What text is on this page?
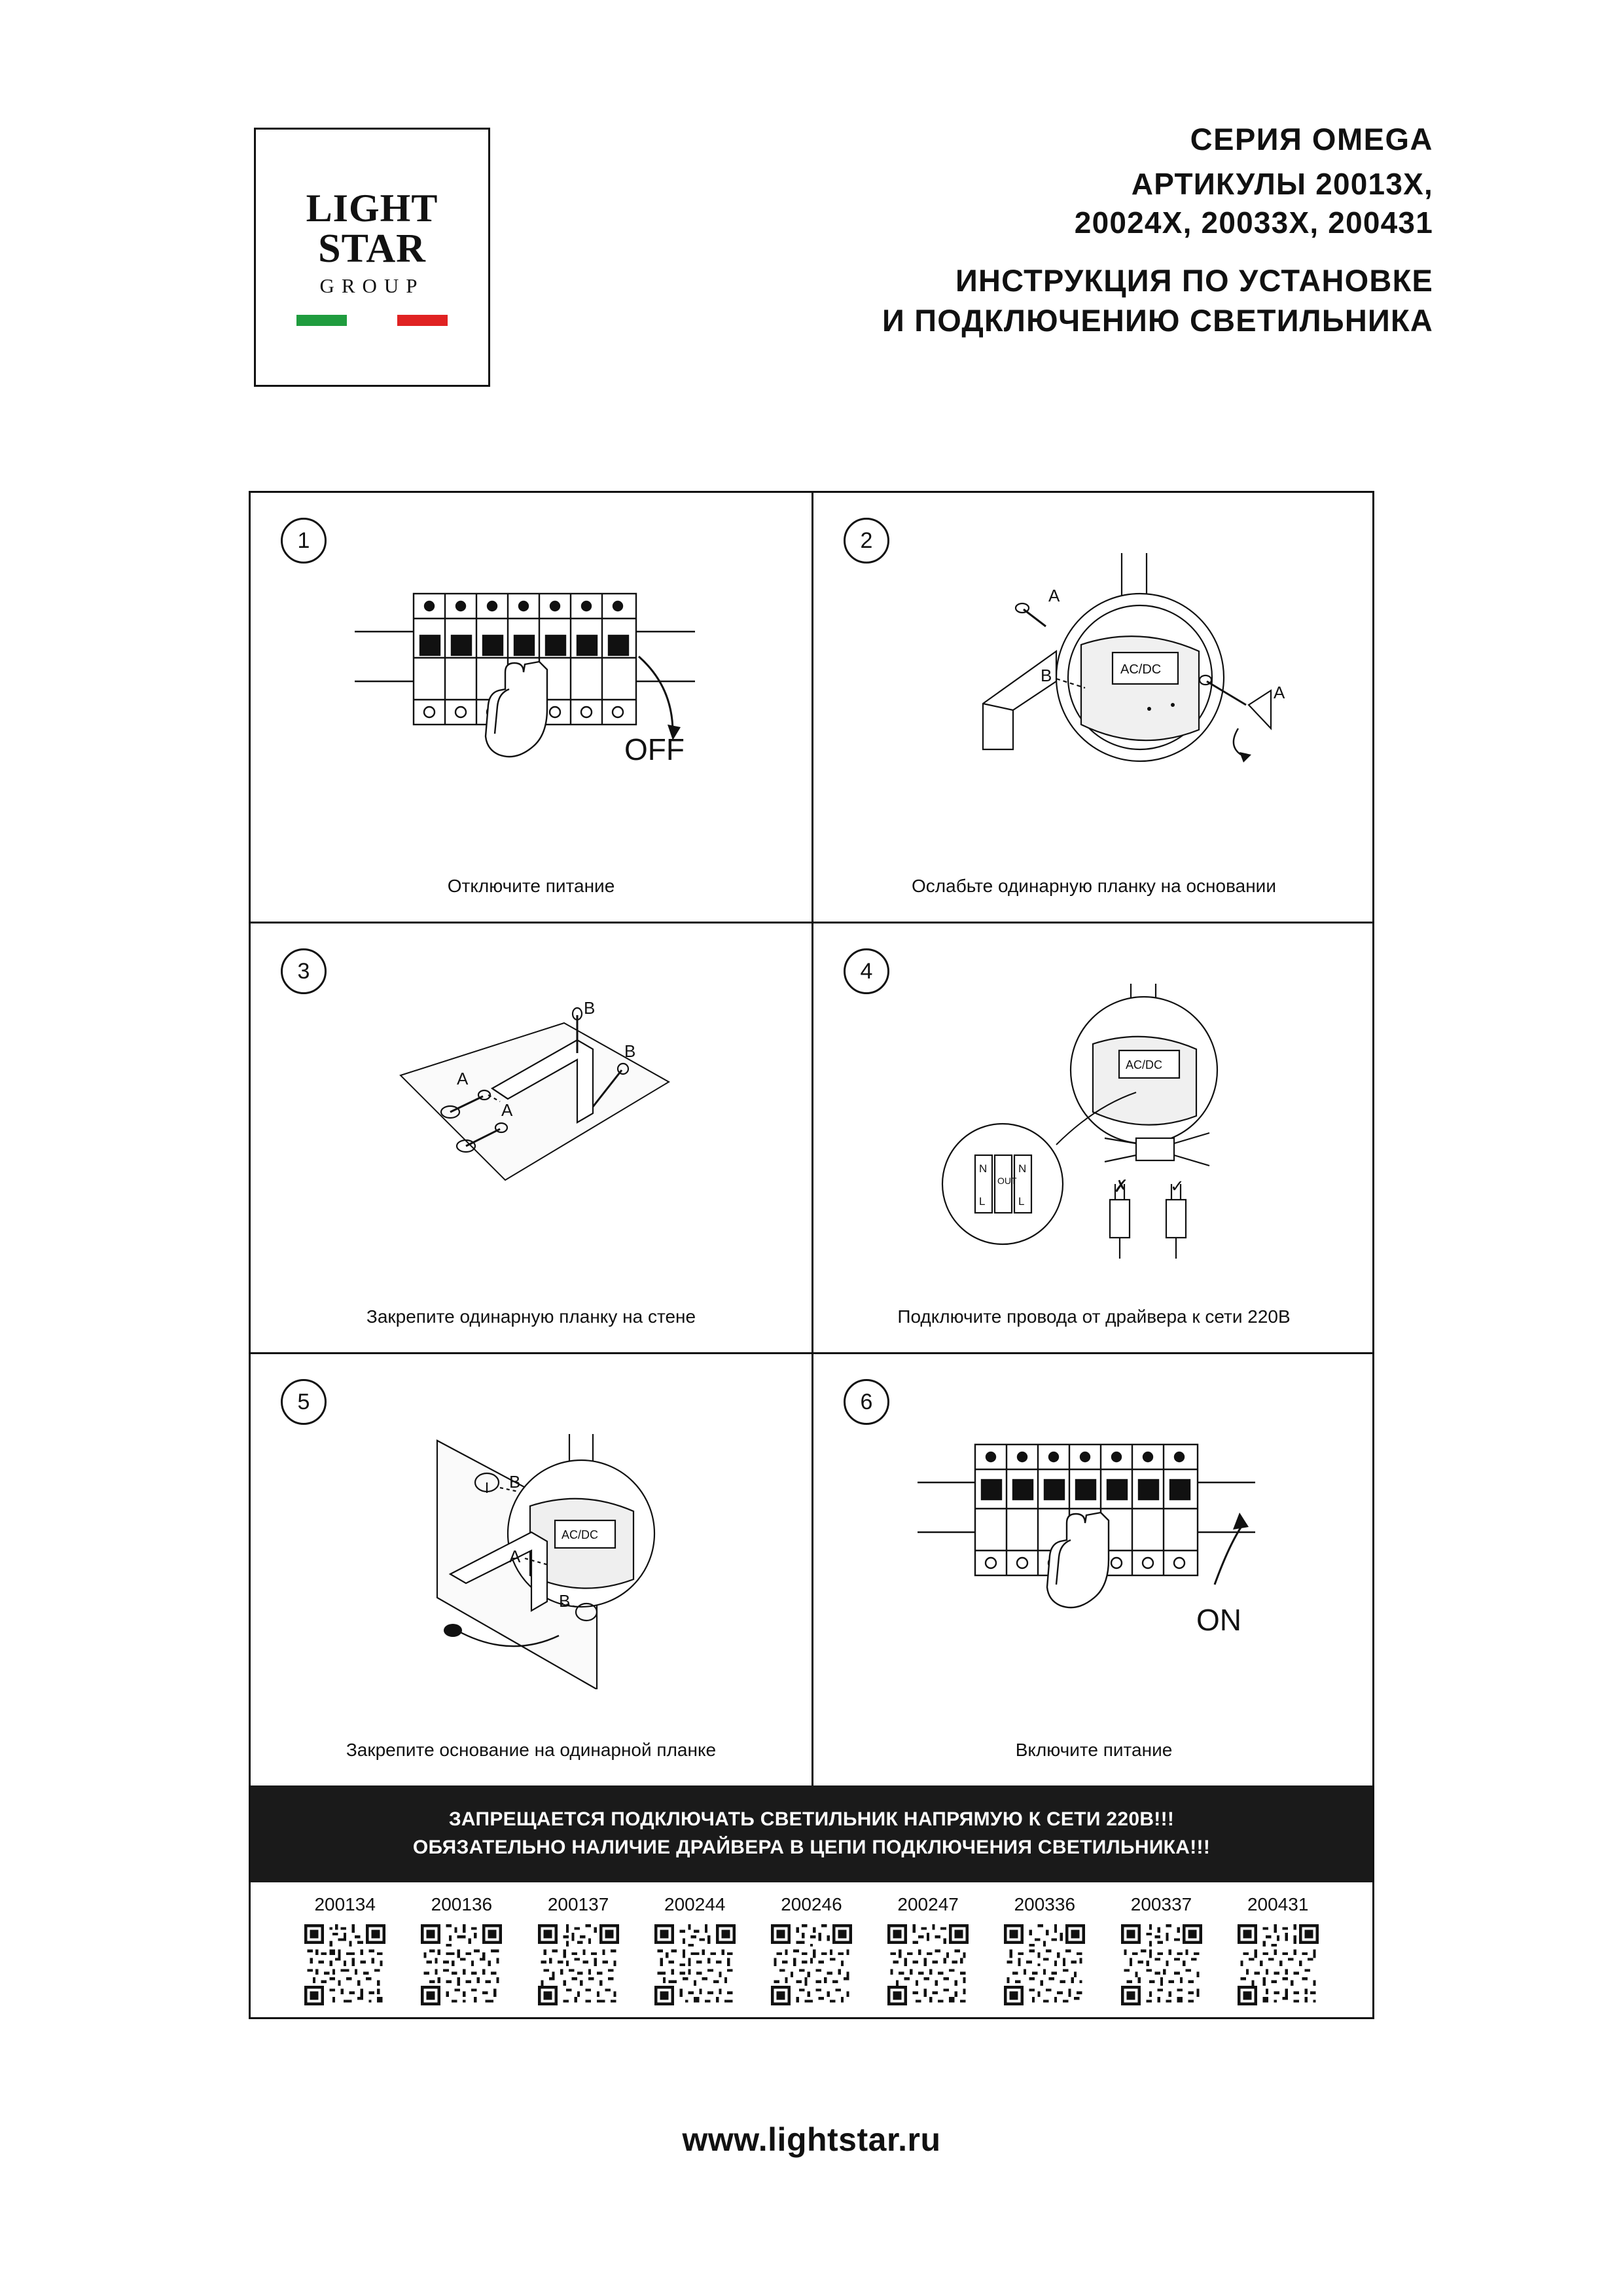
LIGHT
STAR
GROUP
СЕРИЯ OMEGA
АРТИКУЛЫ 20013X,
20024X, 20033X, 200431
ИНСТРУКЦИЯ ПО УСТАНОВКЕ
И ПОДКЛЮЧЕНИЮ СВЕТИЛЬНИКА
1
OFF
Отключите питание
2
AC/DC
A
B
A
Ослабьте одинарную планку на основании
3
A
A
B
B
Закрепите одинарную планку на стене
4
AC/DC
N
L
OUT
N
L
✗ ✓
Подключите провода от драйвера к сети 220В
5
AC/DC
B
A
B
Закрепите основание на одинарной планке
6
ON
Включите питание
ЗАПРЕЩАЕТСЯ ПОДКЛЮЧАТЬ СВЕТИЛЬНИК НАПРЯМУЮ К СЕТИ 220В!!!
ОБЯЗАТЕЛЬНО НАЛИЧИЕ ДРАЙВЕРА В ЦЕПИ ПОДКЛЮЧЕНИЯ СВЕТИЛЬНИКА!!!
200134	200136	200137	200244	200246	200247	200336	200337	200431
www.lightstar.ru
